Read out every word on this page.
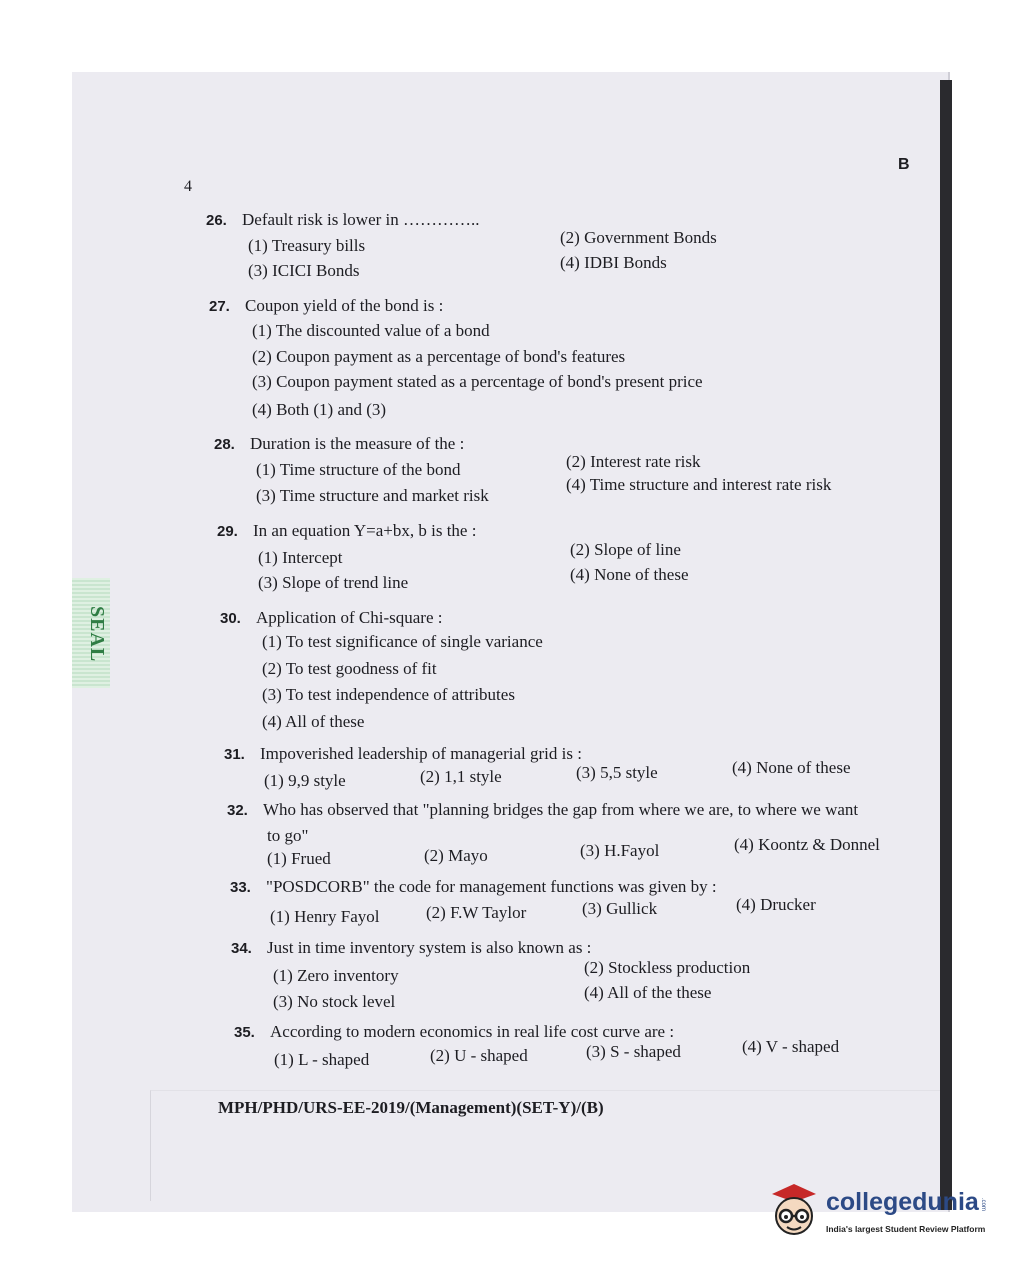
SEAL
4
B
26. Default risk is lower in …………..
(1) Treasury bills	(2) Government Bonds
(3) ICICI Bonds	(4) IDBI Bonds
27. Coupon yield of the bond is :
(1) The discounted value of a bond
(2) Coupon payment as a percentage of bond's features
(3) Coupon payment stated as a percentage of bond's present price
(4) Both (1) and (3)
28. Duration is the measure of the :
(1) Time structure of the bond	(2) Interest rate risk
(3) Time structure and market risk
(4) Time structure and interest rate risk
29. In an equation Y=a+bx, b is the :
(1) Intercept	(2) Slope of line
(3) Slope of trend line	(4) None of these
30. Application of Chi-square :
(1) To test significance of single variance
(2) To test goodness of fit
(3) To test independence of attributes
(4) All of these
31. Impoverished leadership of managerial grid is :
(1) 9,9 style	(2) 1,1 style	(3) 5,5 style	(4) None of these
32. Who has observed that "planning bridges the gap from where we are, to where we want
to go"
(1) Frued	(2) Mayo	(3) H.Fayol	(4) Koontz & Donnel
33. "POSDCORB" the code for management functions was given by :
(1) Henry Fayol	(2) F.W Taylor	(3) Gullick	(4) Drucker
34. Just in time inventory system is also known as :
(1) Zero inventory	(2) Stockless production
(3) No stock level	(4) All of the these
35. According to modern economics in real life cost curve are :
(1) L - shaped	(2) U - shaped	(3) S - shaped	(4) V - shaped
MPH/PHD/URS-EE-2019/(Management)(SET-Y)/(B)
collegedunia .com
India's largest Student Review Platform
